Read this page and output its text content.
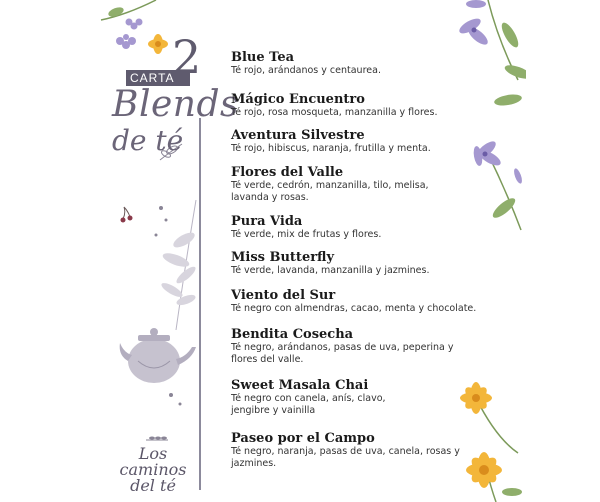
CARTA
2
Blends
de té
Los caminos
del té
Blue Tea
Té rojo, arándanos y centaurea.
Mágico Encuentro
Té rojo, rosa mosqueta, manzanilla y flores.
Aventura Silvestre
Té rojo, hibiscus, naranja, frutilla y menta.
Flores del Valle
Té verde, cedrón, manzanilla, tilo, melisa, lavanda y rosas.
Pura Vida
Té verde, mix de frutas y flores.
Miss Butterfly
Té verde, lavanda, manzanilla y jazmines.
Viento del Sur
Té negro con almendras, cacao, menta y chocolate.
Bendita Cosecha
Té negro, arándanos, pasas de uva, peperina y flores del valle.
Sweet Masala Chai
Té negro con canela, anís, clavo, jengibre y vainilla
Paseo por el Campo
Té negro, naranja, pasas de uva, canela, rosas y jazmines.
